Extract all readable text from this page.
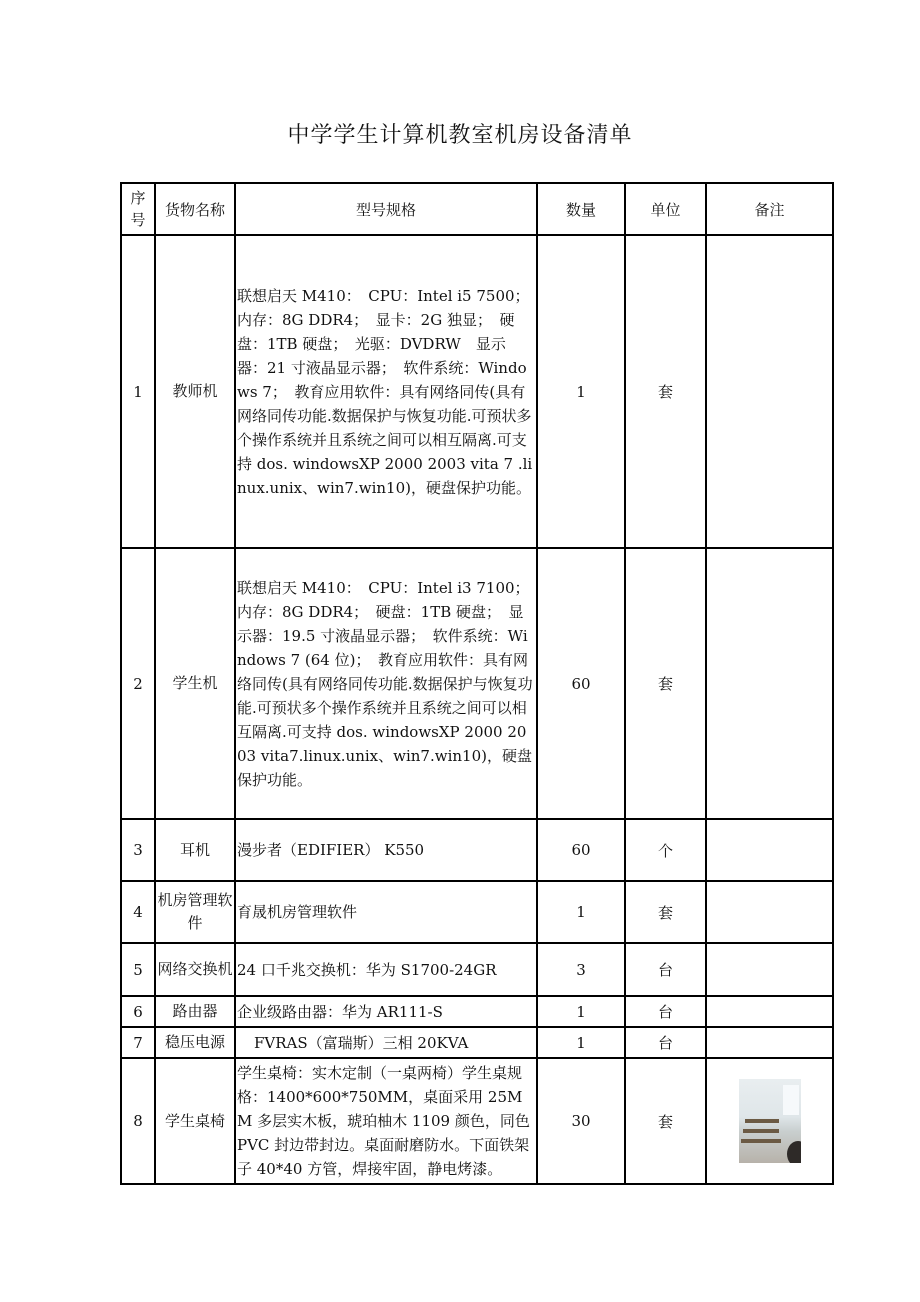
中学学生计算机教室机房设备清单
序号	货物名称	型号规格	数量	单位	备注
1	教师机	联想启天 M410：　CPU：Intel i5 7500；　内存：8G DDR4；　显卡：2G 独显；　硬盘：1TB 硬盘；　光驱：DVDRW　显示器：21 寸液晶显示器；　软件系统：Windows 7；　教育应用软件：具有网络同传(具有网络同传功能.数据保护与恢复功能.可预状多个操作系统并且系统之间可以相互隔离.可支持 dos. windowsXP 2000 2003 vita 7 .linux.unix、win7.win10)，硬盘保护功能。	1	套	
2	学生机	联想启天 M410：　CPU：Intel i3 7100；　　　　内存：8G DDR4；　硬盘：1TB 硬盘；　显示器：19.5 寸液晶显示器；　软件系统：Windows 7 (64 位)；　教育应用软件：具有网络同传(具有网络同传功能.数据保护与恢复功能.可预状多个操作系统并且系统之间可以相互隔离.可支持 dos. windowsXP 2000 2003 vita7.linux.unix、win7.win10)，硬盘保护功能。	60	套	
3	耳机	漫步者（EDIFIER） K550	60	个	
4	机房管理软件	育晟机房管理软件	1	套	
5	网络交换机	24 口千兆交换机：华为 S1700-24GR	3	台	
6	路由器	企业级路由器：华为 AR111-S	1	台	
7	稳压电源	FVRAS（富瑞斯）三相 20KVA	1	台	
8	学生桌椅	学生桌椅：实木定制（一桌两椅）学生桌规格：1400*600*750MM，桌面采用 25MM 多层实木板，琥珀柚木 1109 颜色，同色 PVC 封边带封边。桌面耐磨防水。下面铁架子 40*40 方管，焊接牢固，静电烤漆。	30	套	
